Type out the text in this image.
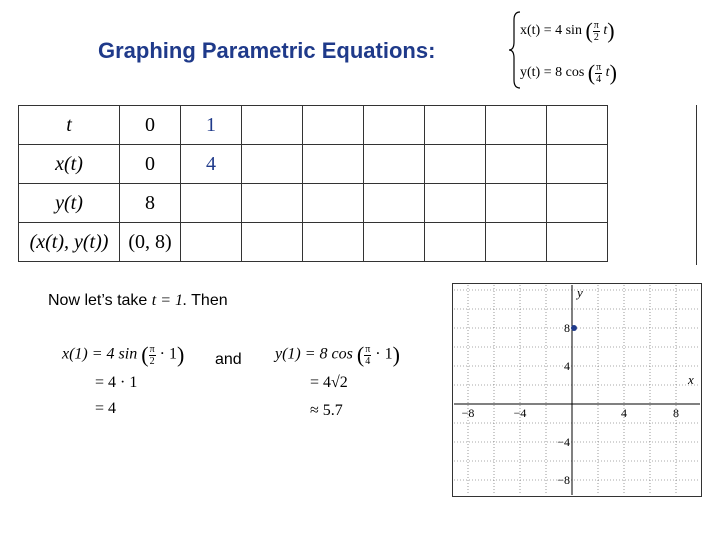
Graphing Parametric Equations:
x(t) = 4 sin ( $\frac{\pi}{2} t$)
y(t) = 8 cos ( $\frac{\pi}{4} t$)
t	0	1						
x(t)	0	4						
y(t)	8							
(x(t), y(t))	(0, 8)							
Now let’s take t = 1. Then
x(1) = 4 sin ( $\frac{\pi}{2} \cdot 1$)
= 4 · 1
= 4
and y(1) = 8 cos ( $\frac{\pi}{4} \cdot 1$)
= 4√2
≈ 5.7
x
y
−8	−4	4	8
8
4
−4
−8
